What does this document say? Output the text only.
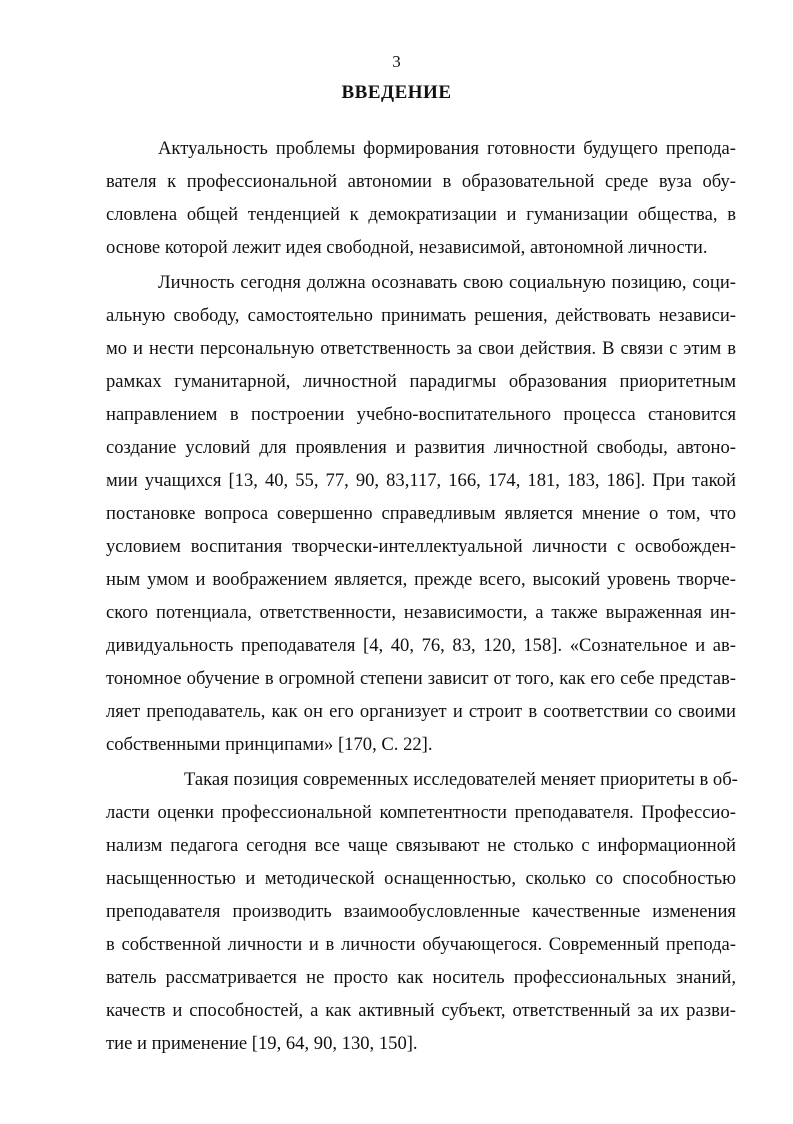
3
ВВЕДЕНИЕ
Актуальность проблемы формирования готовности будущего препода-
вателя к профессиональной автономии в образовательной среде вуза обу-
словлена общей тенденцией к демократизации и гуманизации общества, в
основе которой лежит идея свободной, независимой, автономной личности.
Личность сегодня должна осознавать свою социальную позицию, соци-
альную свободу, самостоятельно принимать решения, действовать независи-
мо и нести персональную ответственность за свои действия. В связи с этим в
рамках гуманитарной, личностной парадигмы образования приоритетным
направлением в построении учебно-воспитательного процесса становится
создание условий для проявления и развития личностной свободы, автоно-
мии учащихся [13, 40, 55, 77, 90, 83,117, 166, 174, 181, 183, 186]. При такой
постановке вопроса совершенно справедливым является мнение о том, что
условием воспитания творчески-интеллектуальной личности с освобожден-
ным умом и воображением является, прежде всего, высокий уровень творче-
ского потенциала, ответственности, независимости, а также выраженная ин-
дивидуальность преподавателя [4, 40, 76, 83, 120, 158]. «Сознательное и ав-
тономное обучение в огромной степени зависит от того, как его себе представ-
ляет преподаватель, как он его организует и строит в соответствии со своими
собственными принципами» [170, С. 22].
Такая позиция современных исследователей меняет приоритеты в об-
ласти оценки профессиональной компетентности преподавателя. Професcио-
нализм педагога сегодня все чаще связывают не столько с информационной
насыщенностью и методической оснащенностью, сколько со способностью
преподавателя производить взаимообусловленные качественные изменения
в собственной личности и в личности обучающегося. Современный препода-
ватель рассматривается не просто как носитель профессиональных знаний,
качеств и способностей, а как активный субъект, ответственный за их разви-
тие и применение [19, 64, 90, 130, 150].
